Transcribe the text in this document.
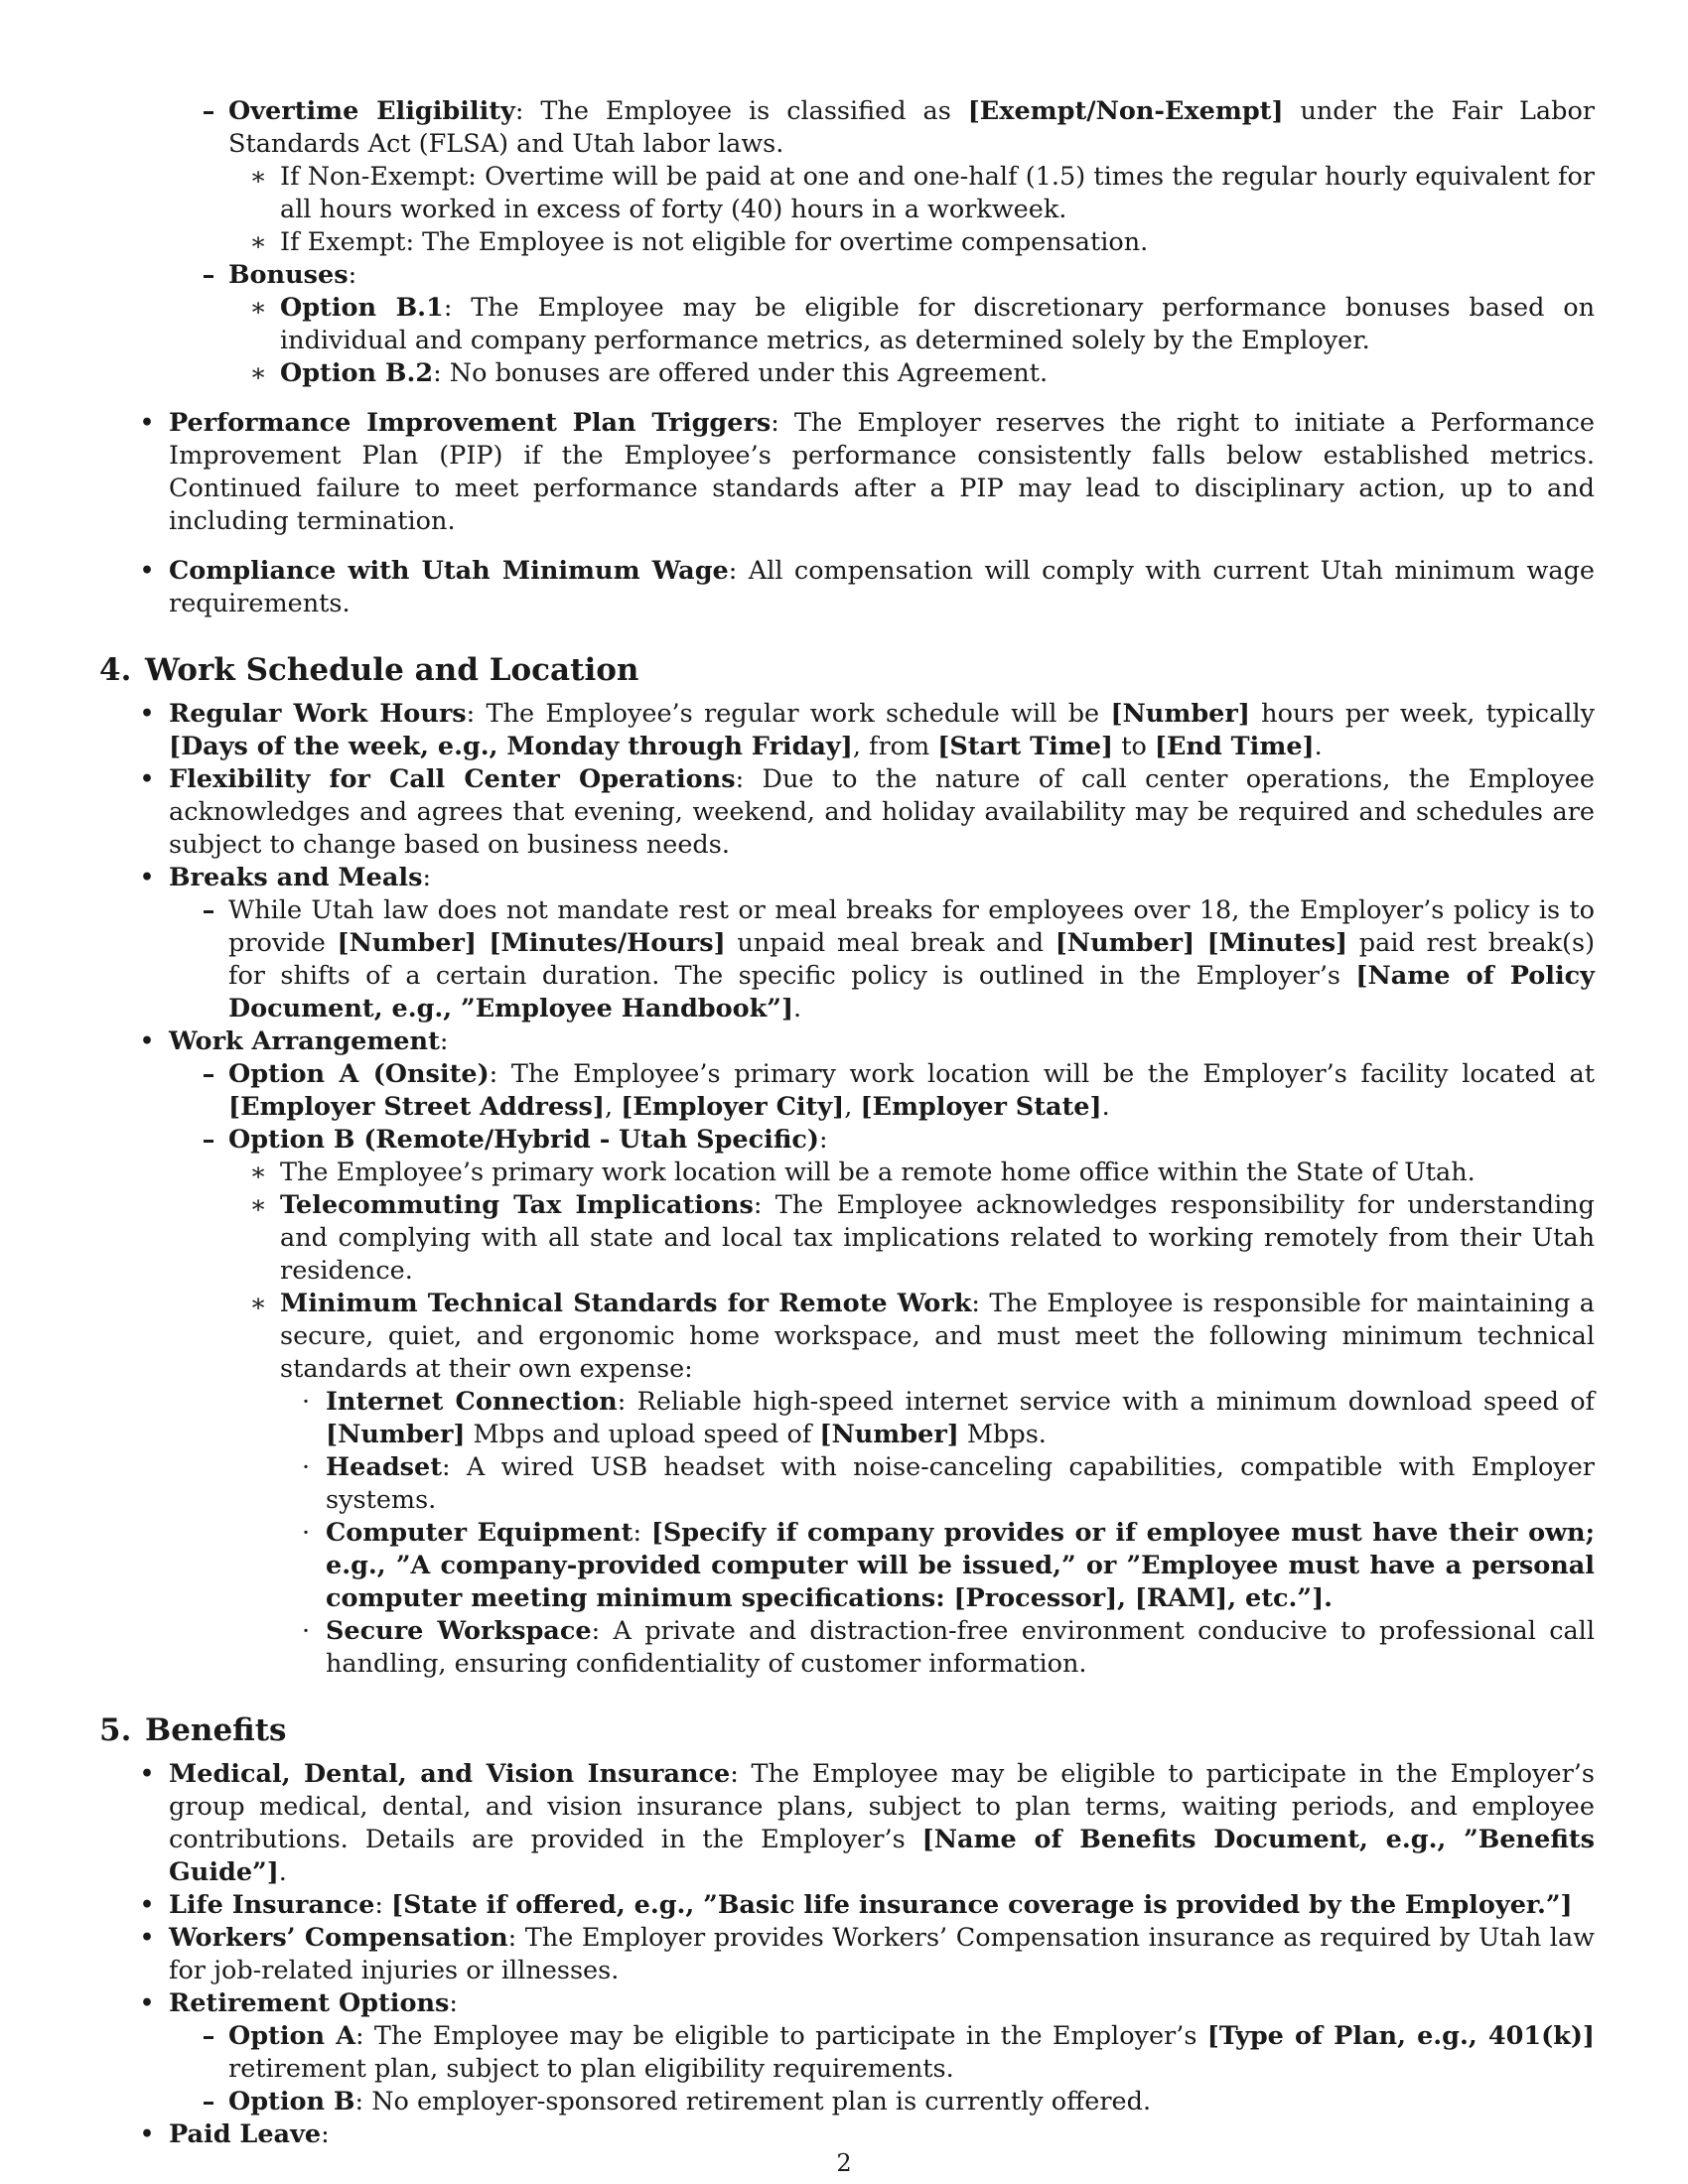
– Overtime Eligibility: The Employee is classified as [Exempt/Non-Exempt] under the Fair Labor Standards Act (FLSA) and Utah labor laws.
∗ If Non-Exempt: Overtime will be paid at one and one-half (1.5) times the regular hourly equivalent for all hours worked in excess of forty (40) hours in a workweek.
∗ If Exempt: The Employee is not eligible for overtime compensation.
– Bonuses:
∗ Option B.1: The Employee may be eligible for discretionary performance bonuses based on individual and company performance metrics, as determined solely by the Employer.
∗ Option B.2: No bonuses are offered under this Agreement.
• Performance Improvement Plan Triggers: The Employer reserves the right to initiate a Performance Improvement Plan (PIP) if the Employee’s performance consistently falls below established metrics. Continued failure to meet performance standards after a PIP may lead to disciplinary action, up to and including termination.
• Compliance with Utah Minimum Wage: All compensation will comply with current Utah minimum wage requirements.
4. Work Schedule and Location
• Regular Work Hours: The Employee’s regular work schedule will be [Number] hours per week, typically [Days of the week, e.g., Monday through Friday], from [Start Time] to [End Time].
• Flexibility for Call Center Operations: Due to the nature of call center operations, the Employee acknowledges and agrees that evening, weekend, and holiday availability may be required and schedules are subject to change based on business needs.
• Breaks and Meals:
– While Utah law does not mandate rest or meal breaks for employees over 18, the Employer’s policy is to provide [Number] [Minutes/Hours] unpaid meal break and [Number] [Minutes] paid rest break(s) for shifts of a certain duration. The specific policy is outlined in the Employer’s [Name of Policy Document, e.g., ”Employee Handbook”].
• Work Arrangement:
– Option A (Onsite): The Employee’s primary work location will be the Employer’s facility located at [Employer Street Address], [Employer City], [Employer State].
– Option B (Remote/Hybrid - Utah Specific):
∗ The Employee’s primary work location will be a remote home office within the State of Utah.
∗ Telecommuting Tax Implications: The Employee acknowledges responsibility for understanding and complying with all state and local tax implications related to working remotely from their Utah residence.
∗ Minimum Technical Standards for Remote Work: The Employee is responsible for maintaining a secure, quiet, and ergonomic home workspace, and must meet the following minimum technical standards at their own expense:
· Internet Connection: Reliable high-speed internet service with a minimum download speed of [Number] Mbps and upload speed of [Number] Mbps.
· Headset: A wired USB headset with noise-canceling capabilities, compatible with Employer systems.
· Computer Equipment: [Specify if company provides or if employee must have their own; e.g., ”A company-provided computer will be issued,” or ”Employee must have a personal computer meeting minimum specifications: [Processor], [RAM], etc.”].
· Secure Workspace: A private and distraction-free environment conducive to professional call handling, ensuring confidentiality of customer information.
5. Benefits
• Medical, Dental, and Vision Insurance: The Employee may be eligible to participate in the Employer’s group medical, dental, and vision insurance plans, subject to plan terms, waiting periods, and employee contributions. Details are provided in the Employer’s [Name of Benefits Document, e.g., ”Benefits Guide”].
• Life Insurance: [State if offered, e.g., ”Basic life insurance coverage is provided by the Employer.”]
• Workers’ Compensation: The Employer provides Workers’ Compensation insurance as required by Utah law for job-related injuries or illnesses.
• Retirement Options:
– Option A: The Employee may be eligible to participate in the Employer’s [Type of Plan, e.g., 401(k)] retirement plan, subject to plan eligibility requirements.
– Option B: No employer-sponsored retirement plan is currently offered.
• Paid Leave:
2
